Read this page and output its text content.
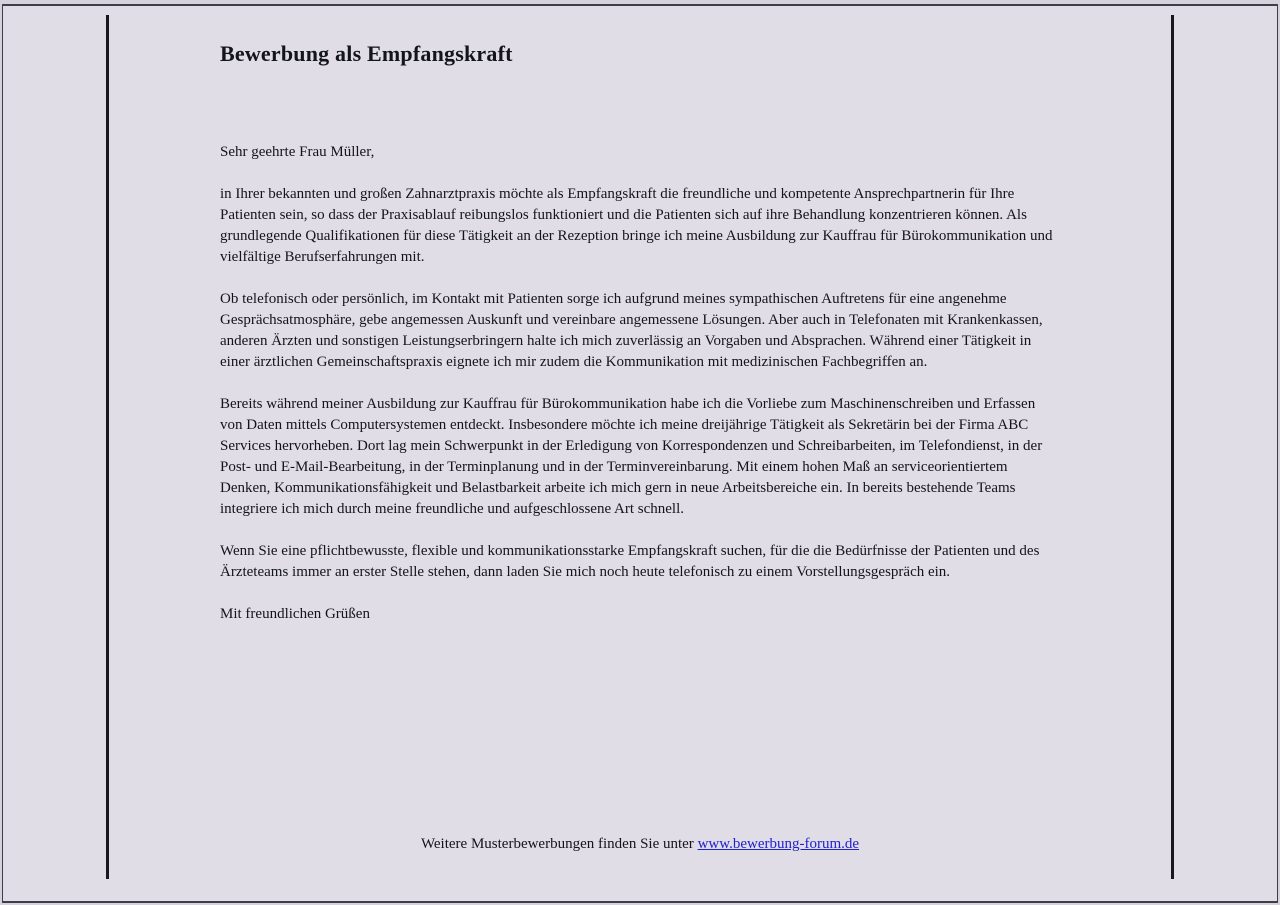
Bewerbung als Empfangskraft

Sehr geehrte Frau Müller,

in Ihrer bekannten und großen Zahnarztpraxis möchte als Empfangskraft die freundliche und kompetente Ansprechpartnerin für Ihre Patienten sein, so dass der Praxisablauf reibungslos funktioniert und die Patienten sich auf ihre Behandlung konzentrieren können. Als grundlegende Qualifikationen für diese Tätigkeit an der Rezeption bringe ich meine Ausbildung zur Kauffrau für Bürokommunikation und vielfältige Berufserfahrungen mit.

Ob telefonisch oder persönlich, im Kontakt mit Patienten sorge ich aufgrund meines sympathischen Auftretens für eine angenehme Gesprächsatmosphäre, gebe angemessen Auskunft und vereinbare angemessene Lösungen. Aber auch in Telefonaten mit Krankenkassen, anderen Ärzten und sonstigen Leistungserbringern halte ich mich zuverlässig an Vorgaben und Absprachen. Während einer Tätigkeit in einer ärztlichen Gemeinschaftspraxis eignete ich mir zudem die Kommunikation mit medizinischen Fachbegriffen an.

Bereits während meiner Ausbildung zur Kauffrau für Bürokommunikation habe ich die Vorliebe zum Maschinenschreiben und Erfassen von Daten mittels Computersystemen entdeckt. Insbesondere möchte ich meine dreijährige Tätigkeit als Sekretärin bei der Firma ABC Services hervorheben. Dort lag mein Schwerpunkt in der Erledigung von Korrespondenzen und Schreibarbeiten, im Telefondienst, in der Post- und E-Mail-Bearbeitung, in der Terminplanung und in der Terminvereinbarung. Mit einem hohen Maß an serviceorientiertem Denken, Kommunikationsfähigkeit und Belastbarkeit arbeite ich mich gern in neue Arbeitsbereiche ein. In bereits bestehende Teams integriere ich mich durch meine freundliche und aufgeschlossene Art schnell.

Wenn Sie eine pflichtbewusste, flexible und kommunikationsstarke Empfangskraft suchen, für die die Bedürfnisse der Patienten und des Ärzteteams immer an erster Stelle stehen, dann laden Sie mich noch heute telefonisch zu einem Vorstellungsgespräch ein.

Mit freundlichen Grüßen

Weitere Musterbewerbungen finden Sie unter www.bewerbung-forum.de
